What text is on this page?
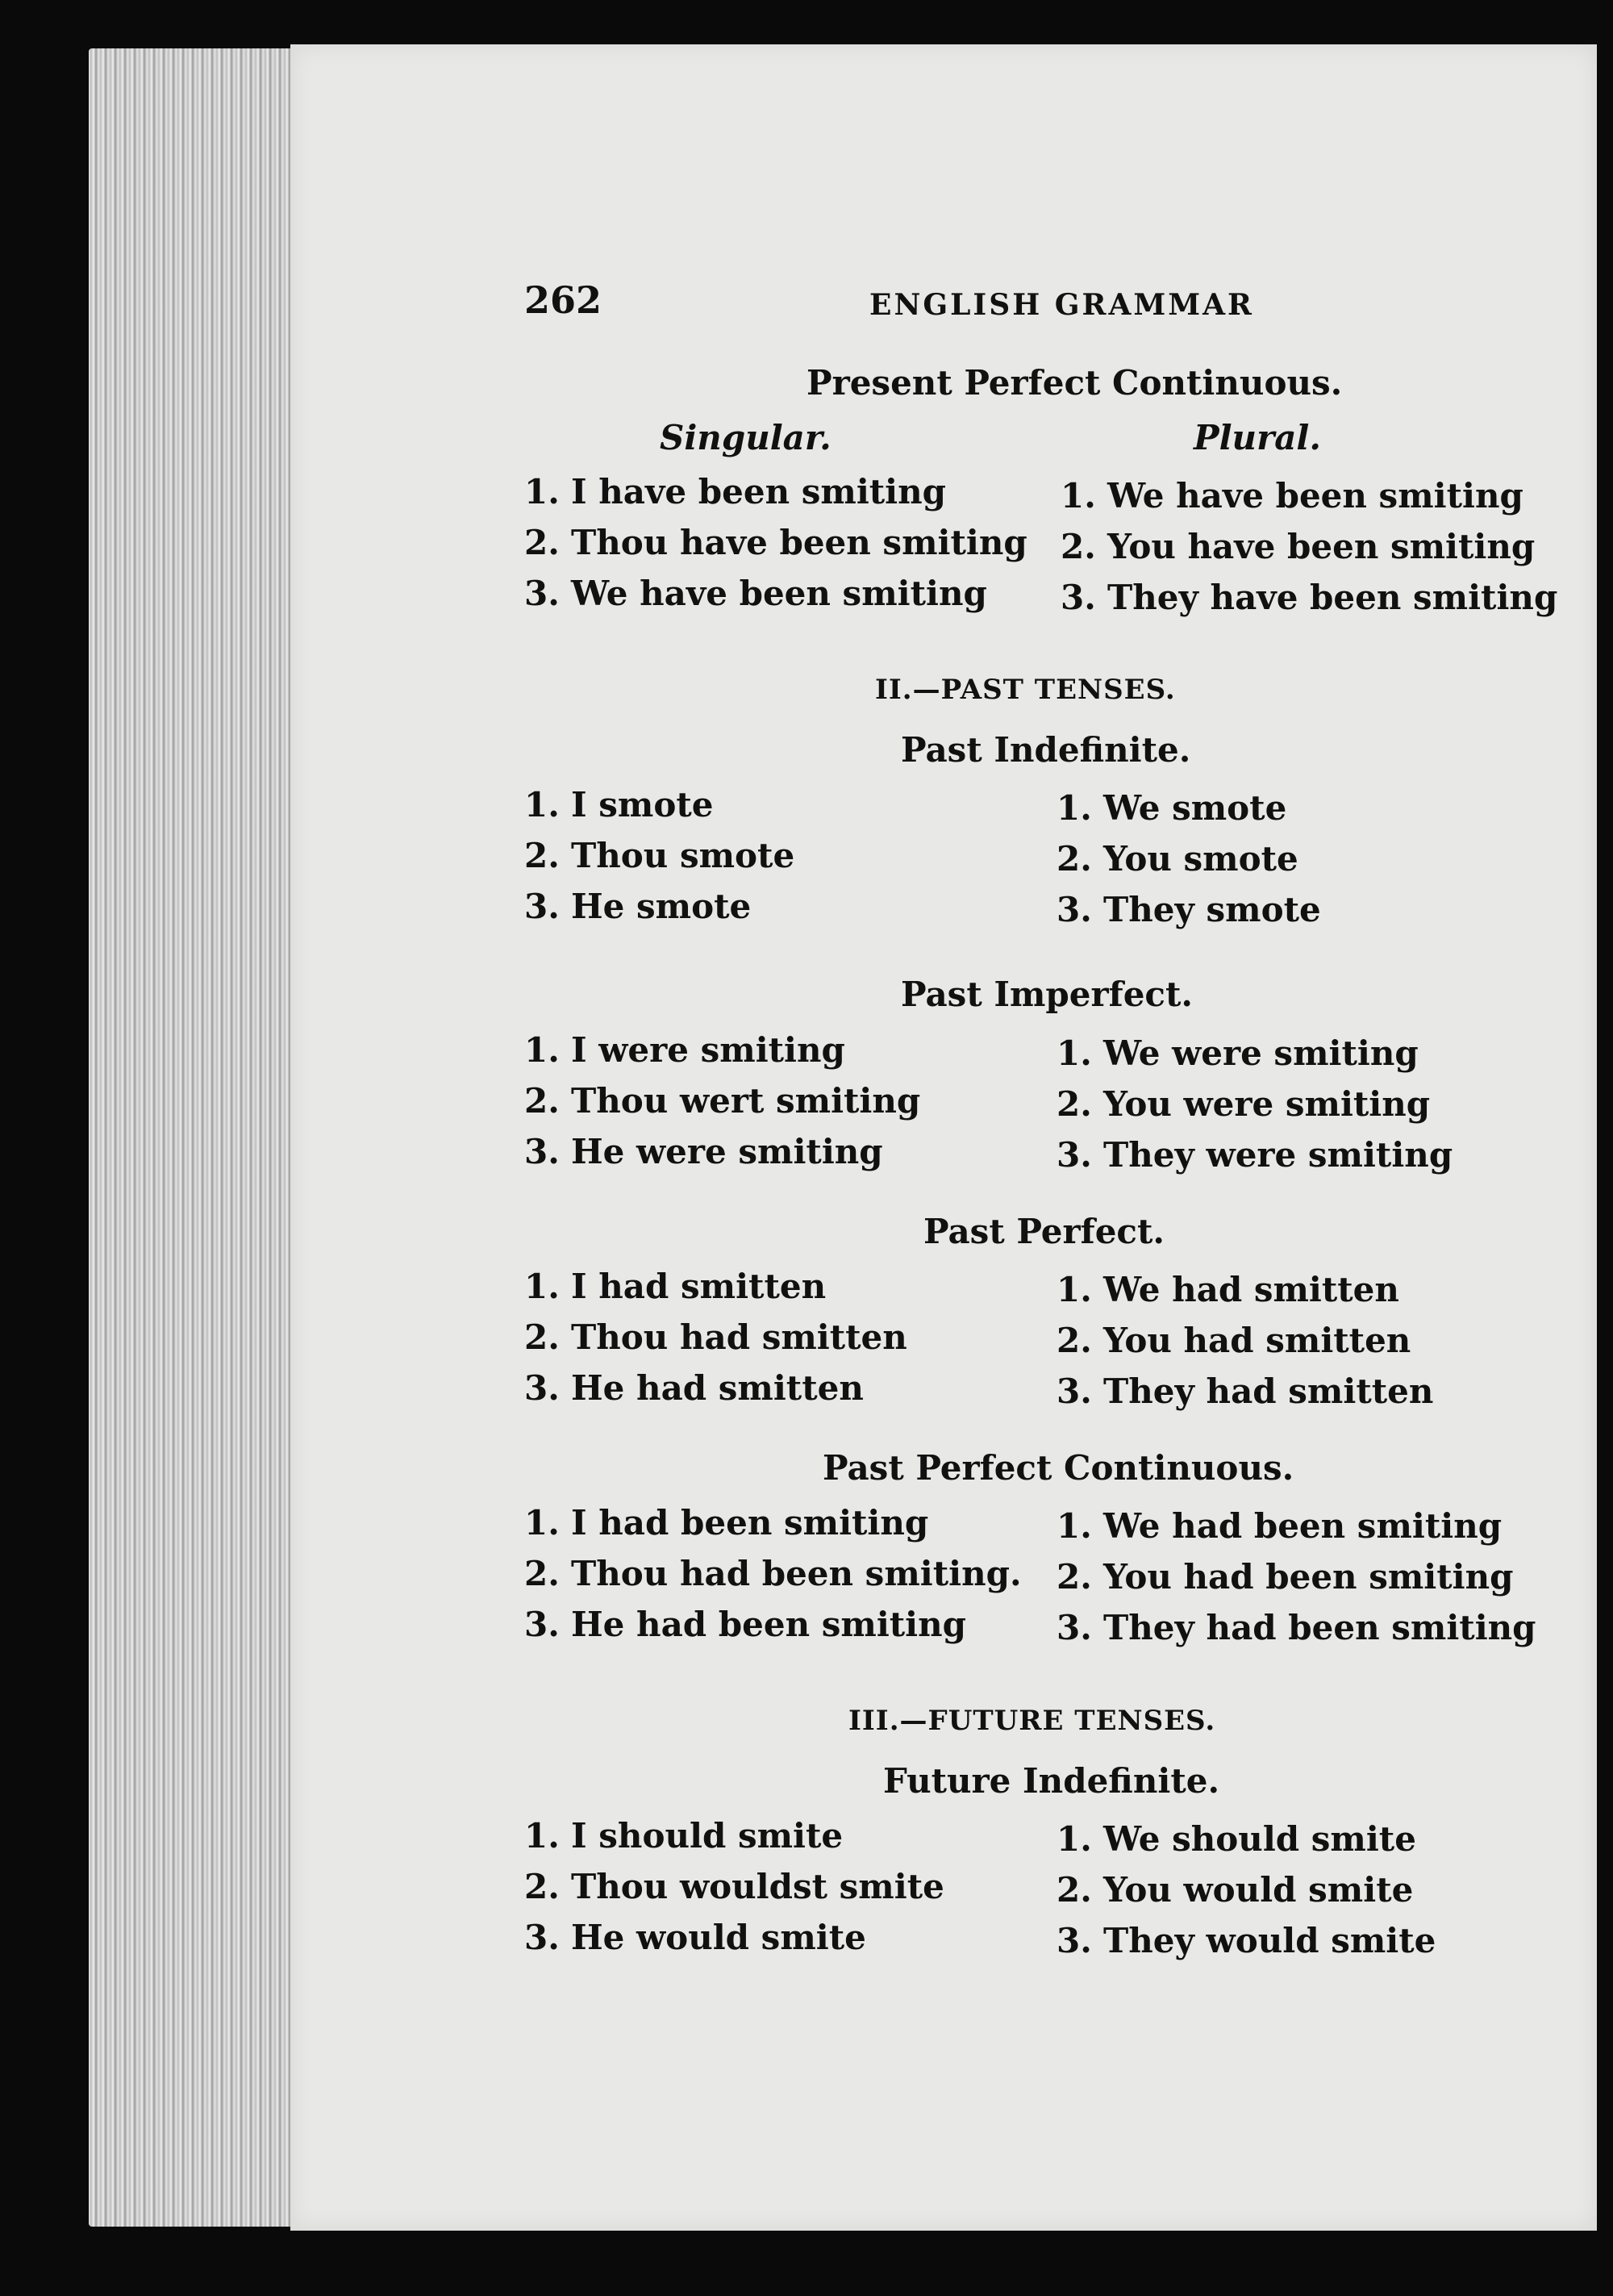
262	ENGLISH GRAMMAR
Present Perfect Continuous.
Singular.	Plural.
1. I have been smiting
2. Thou have been smiting
3. We have been smiting
1. We have been smiting
2. You have been smiting
3. They have been smiting
II.—PAST TENSES.
Past Indefinite.
1. I smote
2. Thou smote
3. He smote
1. We smote
2. You smote
3. They smote
Past Imperfect.
1. I were smiting
2. Thou wert smiting
3. He were smiting
1. We were smiting
2. You were smiting
3. They were smiting
Past Perfect.
1. I had smitten
2. Thou had smitten
3. He had smitten
1. We had smitten
2. You had smitten
3. They had smitten
Past Perfect Continuous.
1. I had been smiting
2. Thou had been smiting.
3. He had been smiting
1. We had been smiting
2. You had been smiting
3. They had been smiting
III.—FUTURE TENSES.
Future Indefinite.
1. I should smite
2. Thou wouldst smite
3. He would smite
1. We should smite
2. You would smite
3. They would smite
